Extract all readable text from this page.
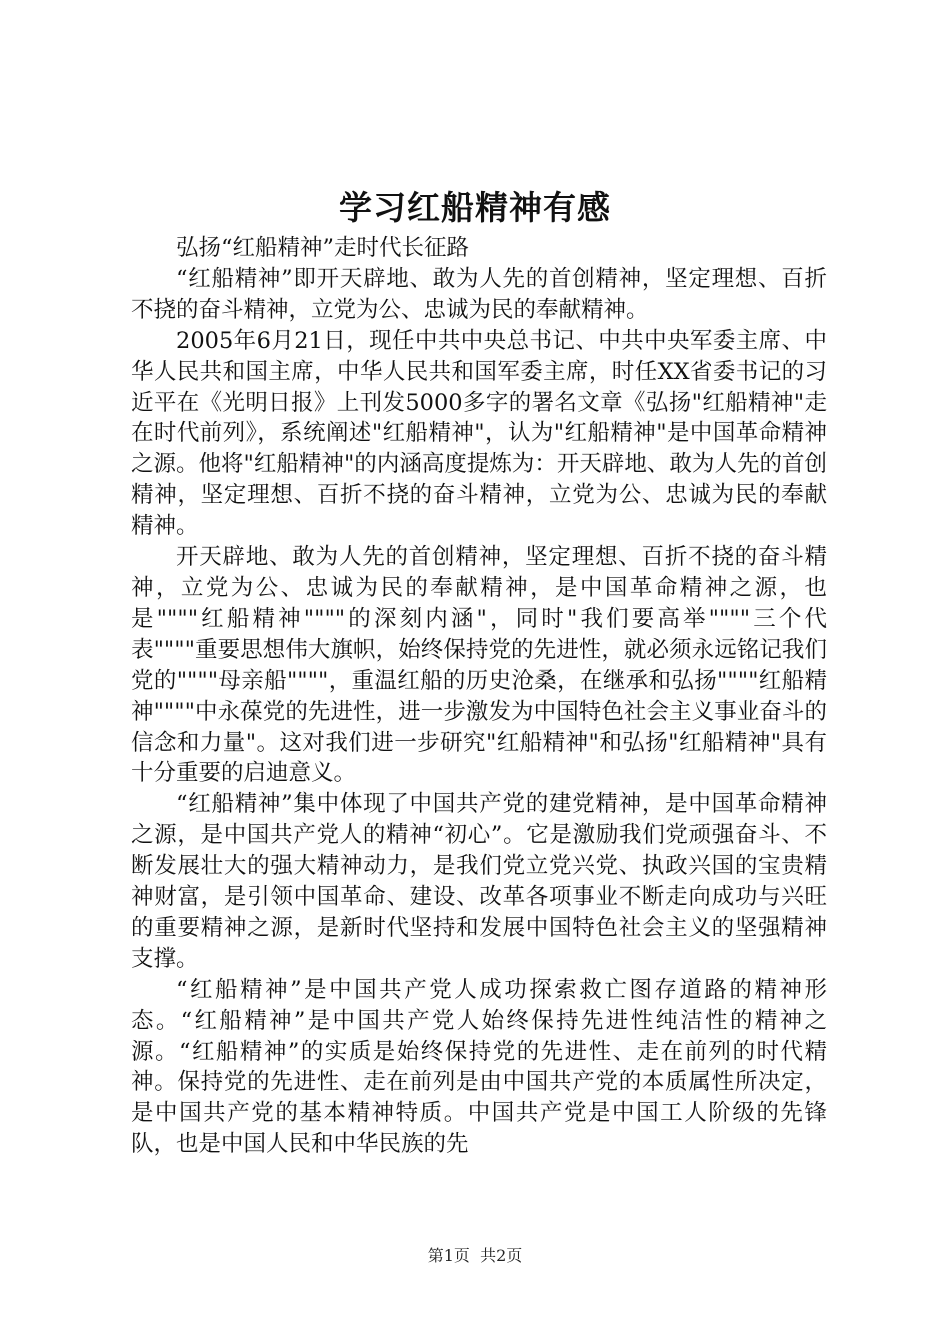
学习红船精神有感

弘扬“红船精神”走时代长征路

“红船精神”即开天辟地、敢为人先的首创精神，坚定理想、百折不挠的奋斗精神，立党为公、忠诚为民的奉献精神。

2005年6月21日，现任中共中央总书记、中共中央军委主席、中华人民共和国主席，中华人民共和国军委主席，时任XX省委书记的习近平在《光明日报》上刊发5000多字的署名文章《弘扬"红船精神"走在时代前列》，系统阐述"红船精神"，认为"红船精神"是中国革命精神之源。他将"红船精神"的内涵高度提炼为：开天辟地、敢为人先的首创精神，坚定理想、百折不挠的奋斗精神，立党为公、忠诚为民的奉献精神。

开天辟地、敢为人先的首创精神，坚定理想、百折不挠的奋斗精神，立党为公、忠诚为民的奉献精神，是中国革命精神之源，也是""""红船精神""""的深刻内涵"，同时"我们要高举""""三个代表""""重要思想伟大旗帜，始终保持党的先进性，就必须永远铭记我们党的""""母亲船""""，重温红船的历史沧桑，在继承和弘扬""""红船精神""""中永葆党的先进性，进一步激发为中国特色社会主义事业奋斗的信念和力量"。这对我们进一步研究"红船精神"和弘扬"红船精神"具有十分重要的启迪意义。

“红船精神”集中体现了中国共产党的建党精神，是中国革命精神之源，是中国共产党人的精神“初心”。它是激励我们党顽强奋斗、不断发展壮大的强大精神动力，是我们党立党兴党、执政兴国的宝贵精神财富，是引领中国革命、建设、改革各项事业不断走向成功与兴旺的重要精神之源，是新时代坚持和发展中国特色社会主义的坚强精神支撑。

“红船精神”是中国共产党人成功探索救亡图存道路的精神形态。“红船精神”是中国共产党人始终保持先进性纯洁性的精神之源。“红船精神”的实质是始终保持党的先进性、走在前列的时代精神。保持党的先进性、走在前列是由中国共产党的本质属性所决定，是中国共产党的基本精神特质。中国共产党是中国工人阶级的先锋队，也是中国人民和中华民族的先

第1页  共2页
